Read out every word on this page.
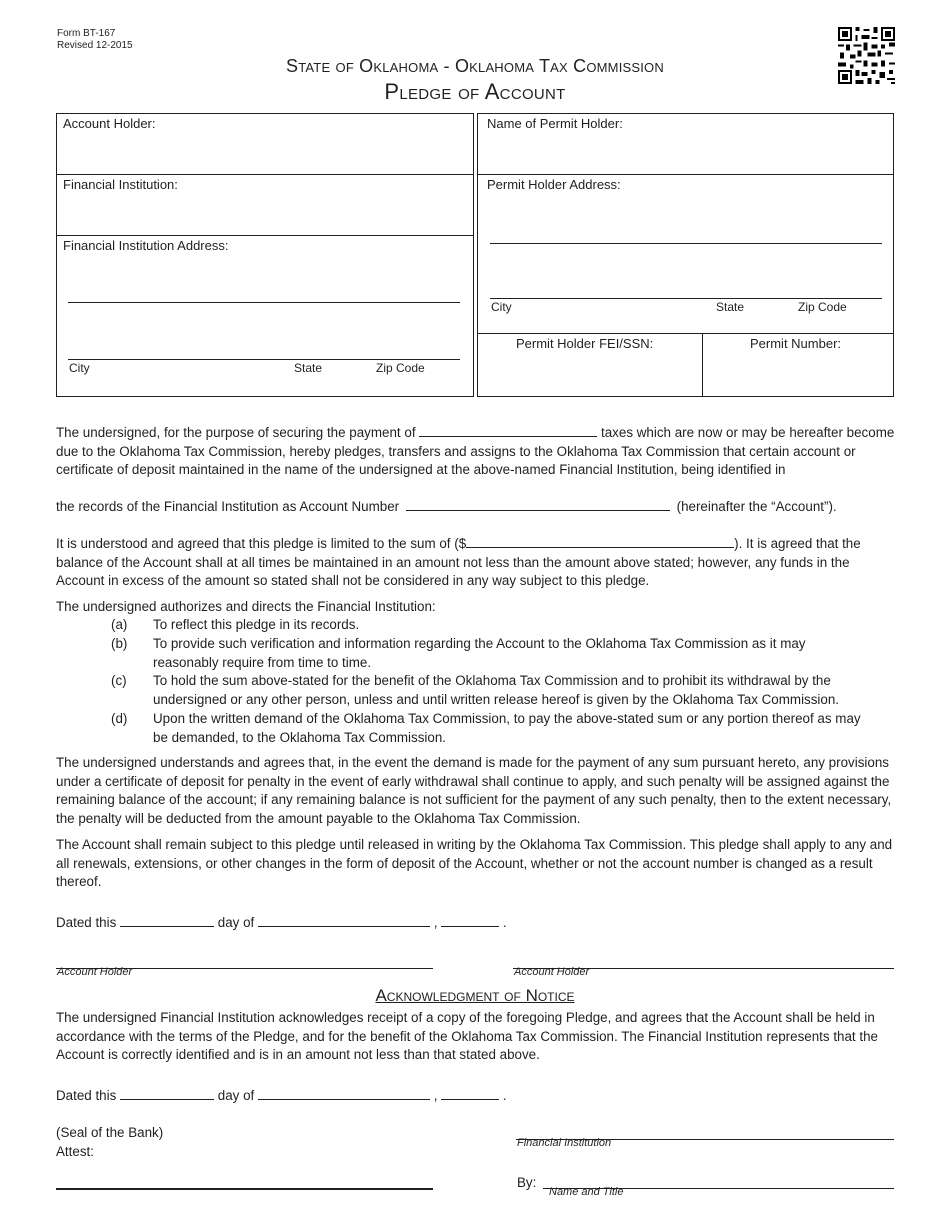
Form BT-167
Revised 12-2015
State of Oklahoma - Oklahoma Tax Commission
Pledge of Account
Account Holder:
Financial Institution:
Financial Institution Address:
City	State	Zip Code
Name of Permit Holder:
Permit Holder Address:
City	State	Zip Code
Permit Holder FEI/SSN:	Permit Number:
The undersigned, for the purpose of securing the payment of	taxes which are now or may be hereafter become due to the Oklahoma Tax Commission, hereby pledges, transfers and assigns to the Oklahoma Tax Commission that certain account or certificate of deposit maintained in the name of the undersigned at the above-named Financial Institution, being identified in
the records of the Financial Institution as Account Number	(hereinafter the “Account”).
It is understood and agreed that this pledge is limited to the sum of ($	). It is agreed that the balance of the Account shall at all times be maintained in an amount not less than the amount above stated; however, any funds in the Account in excess of the amount so stated shall not be considered in any way subject to this pledge.
The undersigned authorizes and directs the Financial Institution:
(a) To reflect this pledge in its records.
(b) To provide such verification and information regarding the Account to the Oklahoma Tax Commission as it may reasonably require from time to time.
(c) To hold the sum above-stated for the benefit of the Oklahoma Tax Commission and to prohibit its withdrawal by the undersigned or any other person, unless and until written release hereof is given by the Oklahoma Tax Commission.
(d) Upon the written demand of the Oklahoma Tax Commission, to pay the above-stated sum or any portion thereof as may be demanded, to the Oklahoma Tax Commission.
The undersigned understands and agrees that, in the event the demand is made for the payment of any sum pursuant hereto, any provisions under a certificate of deposit for penalty in the event of early withdrawal shall continue to apply, and such penalty will be assigned against the remaining balance of the account; if any remaining balance is not sufficient for the payment of any such penalty, then to the extent necessary, the penalty will be deducted from the amount payable to the Oklahoma Tax Commission.
The Account shall remain subject to this pledge until released in writing by the Oklahoma Tax Commission. This pledge shall apply to any and all renewals, extensions, or other changes in the form of deposit of the Account, whether or not the account number is changed as a result thereof.
Dated this	day of	,	.
Account Holder	Account Holder
Acknowledgment of Notice
The undersigned Financial Institution acknowledges receipt of a copy of the foregoing Pledge, and agrees that the Account shall be held in accordance with the terms of the Pledge, and for the benefit of the Oklahoma Tax Commission. The Financial Institution represents that the Account is correctly identified and is in an amount not less than that stated above.
Dated this	day of	,	.
(Seal of the Bank)
Attest:
Financial Institution
By:
Name and Title
